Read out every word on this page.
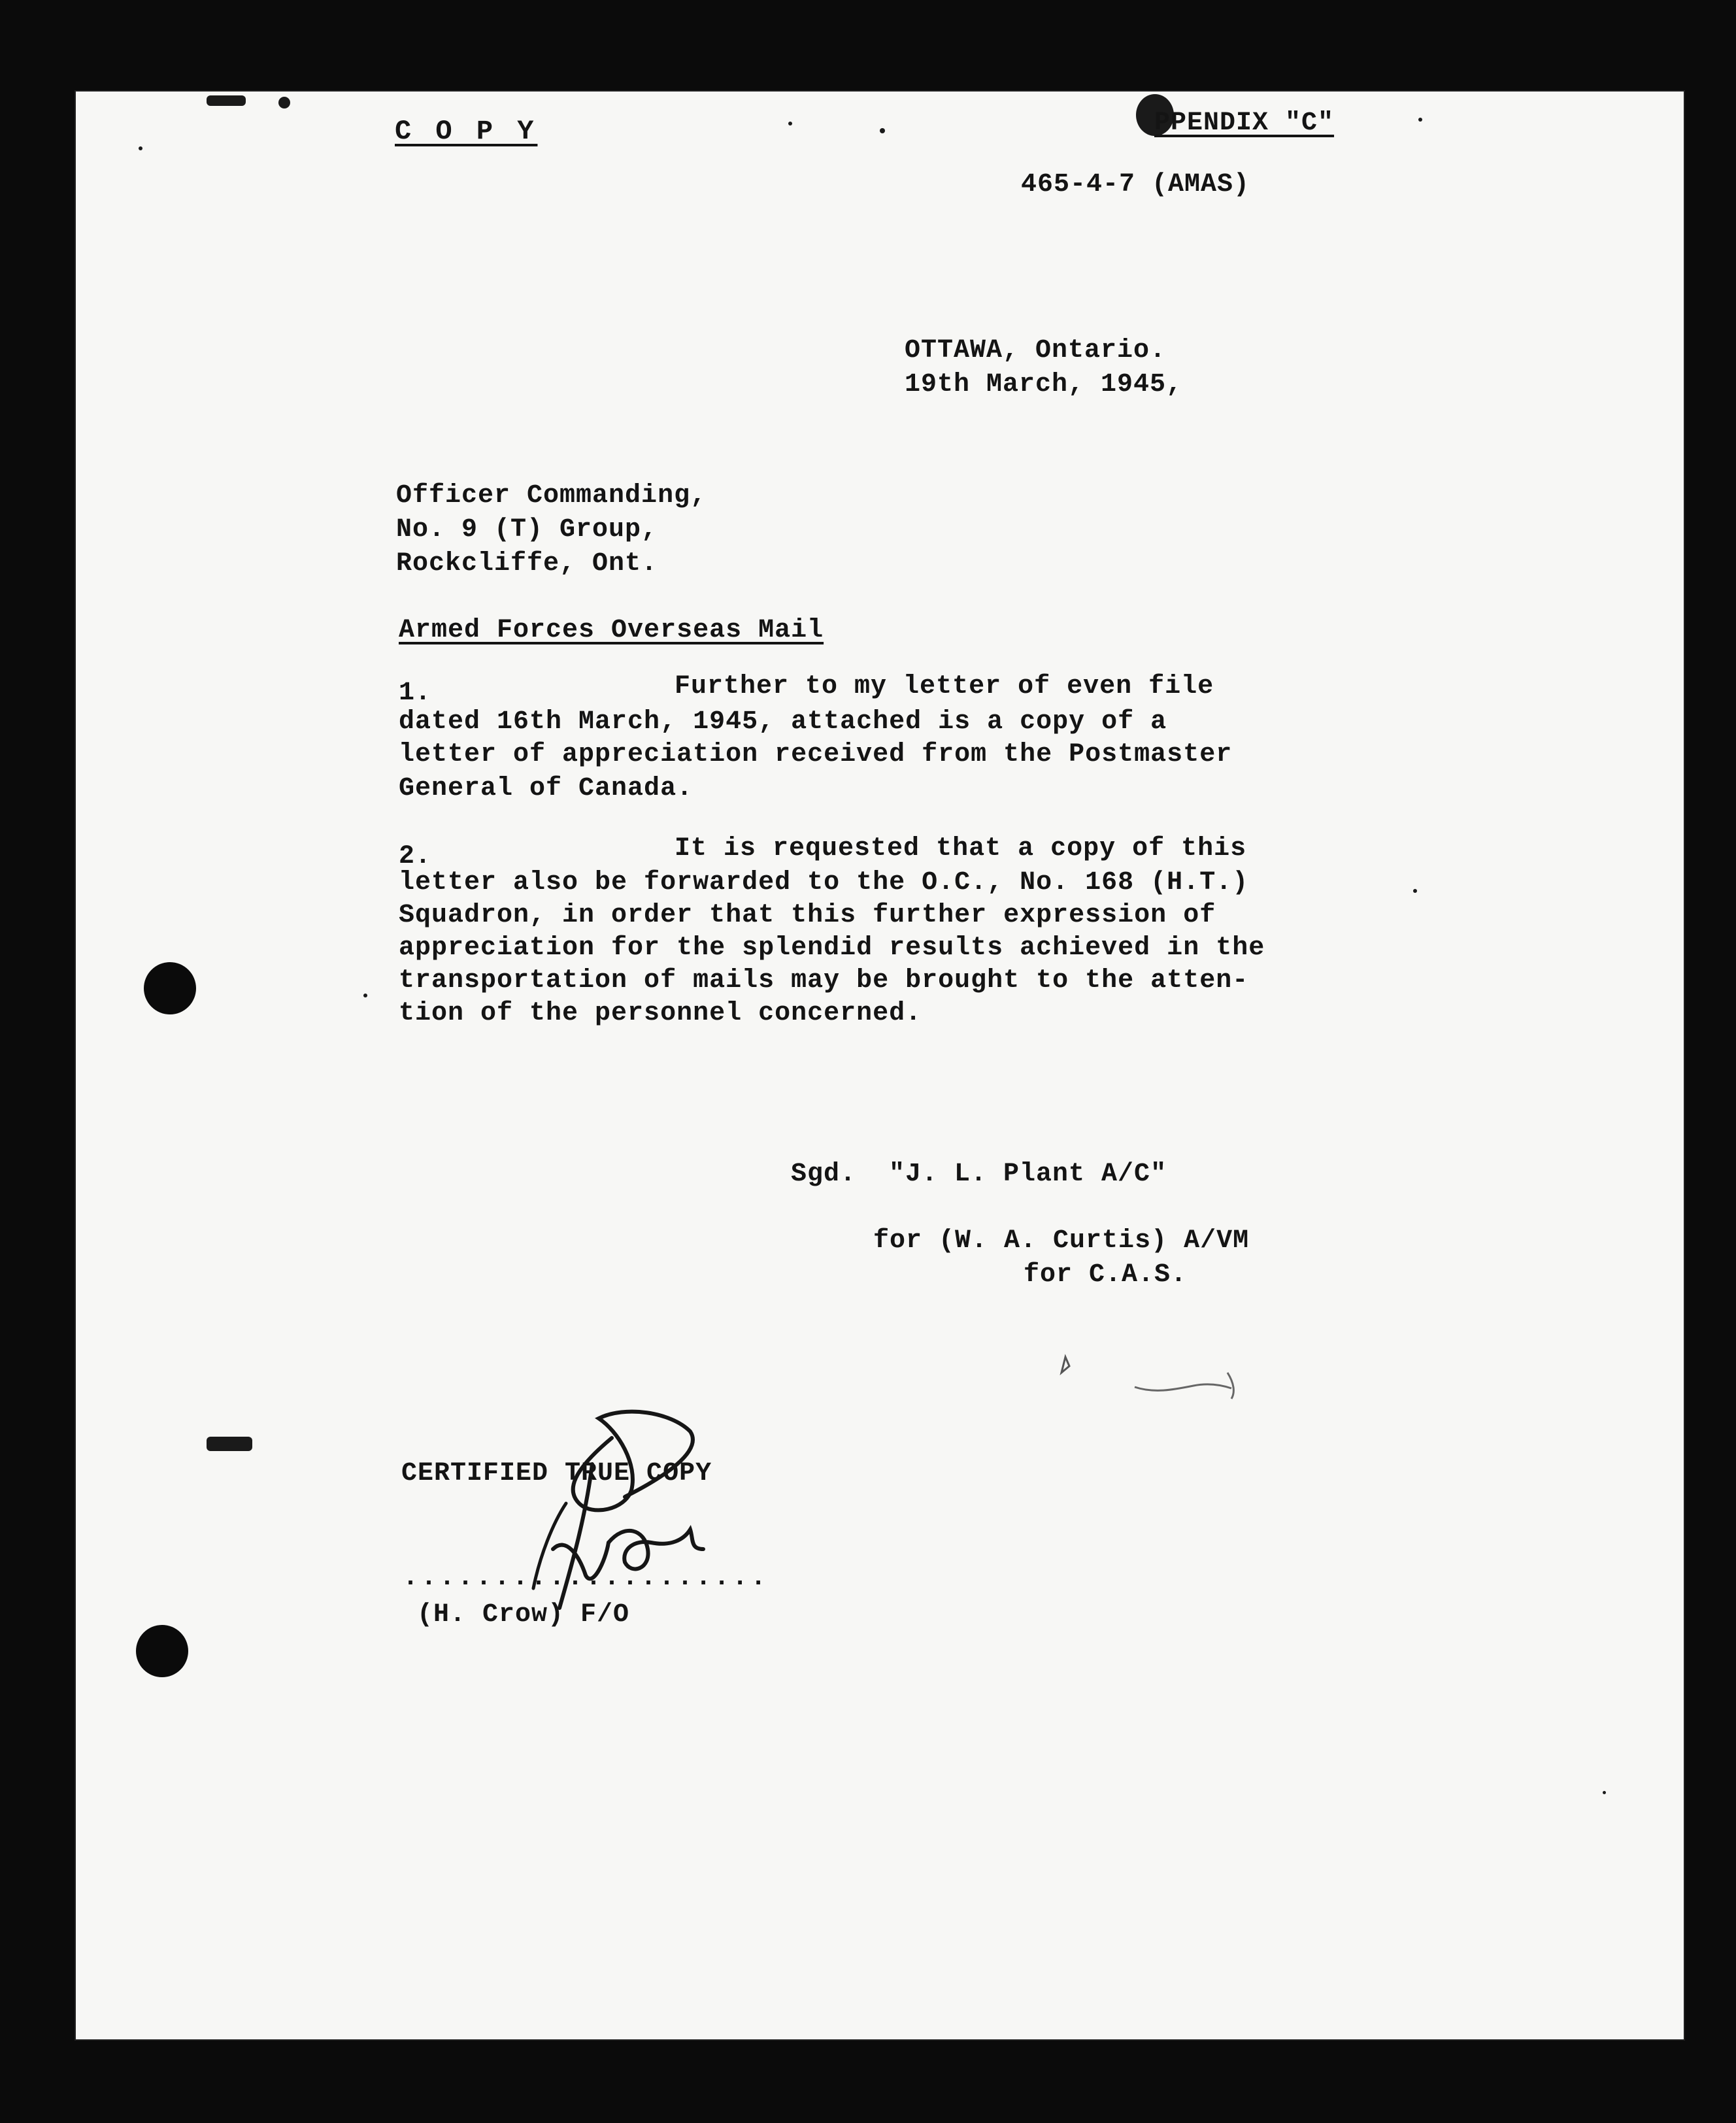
C O P Y	PPENDIX "C"
465-4-7 (AMAS)
OTTAWA, Ontario.
19th March, 1945,
Officer Commanding,
No. 9 (T) Group,
Rockcliffe, Ont.
Armed Forces Overseas Mail
1.	Further to my letter of even file
dated 16th March, 1945, attached is a copy of a
letter of appreciation received from the Postmaster
General of Canada.
2.	It is requested that a copy of this
letter also be forwarded to the O.C., No. 168 (H.T.)
Squadron, in order that this further expression of
appreciation for the splendid results achieved in the
transportation of mails may be brought to the atten-
tion of the personnel concerned.
Sgd. "J. L. Plant A/C"
for (W. A. Curtis) A/VM
for C.A.S.
CERTIFIED TRUE COPY
....................
(H. Crow) F/O
